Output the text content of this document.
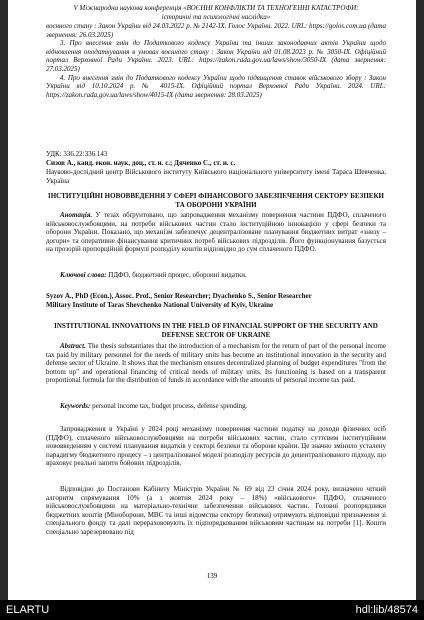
V Міжнародна наукова конференція «ВОЄННІ КОНФЛІКТИ ТА ТЕХНОГЕННІ КАТАСТРОФИ:
історичні та психологічні наслідки»
воєнного стану : Закон України від 24.03.2022 р. № 2142-IX. Голос України. 2022. URL: https://golos.com.ua (дата звернення: 26.03.2025)
3. Про внесення змін до Податкового кодексу України та інших законодавчих актів України щодо відновлення оподаткування в умовах воєнного стану : Закон України від 01.08.2023 р. № 3050-IX. Офіційний портал Верховної Ради України. 2023. URL: https://zakon.rada.gov.ua/laws/show/3050-IX (дата звернення: 27.03.2025)
4. Про внесення змін до Податкового кодексу України щодо підвищення ставок військового збору : Закон України від 10.10.2024 р. № 4015-IX. Офіційний портал Верховної Ради України. 2024. URL: https://zakon.rada.gov.ua/laws/show/4015-IX (дата звернення: 28.03.2025)
УДК: 336.22:336.143
Сизов А., канд. екон. наук, доц., ст. н. с.; Дяченко С., ст. н. с.
Науково-дослідний центр Військового інституту Київського національного університету імені Тараса Шевченка, Україна
ІНСТИТУЦІЙНІ НОВОВВЕДЕННЯ У СФЕРІ ФІНАНСОВОГО ЗАБЕЗПЕЧЕННЯ СЕКТОРУ БЕЗПЕКИ ТА ОБОРОНИ УКРАЇНИ
Анотація. У тезах обґрунтовано, що запровадження механізму повернення частини ПДФО, сплаченого військовослужбовцями, на потреби військових частин стало інституційною інновацією у сфері безпеки та оборони України. Показано, що механізм забезпечує децентралізоване планування бюджетних витрат «знизу – догори» та оперативне фінансування критичних потреб військових підрозділів. Його функціонування базується на прозорій пропорційній формулі розподілу коштів відповідно до сум сплаченого ПДФО.
Ключові слова: ПДФО, бюджетний процес, оборонні видатки.
Syzov A., PhD (Econ.), Assoc. Prof., Senior Researcher; Dyachenko S., Senior Researcher
Military Institute of Taras Shevchenko National University of Kyiv, Ukraine
INSTITUTIONAL INNOVATIONS IN THE FIELD OF FINANCIAL SUPPORT OF THE SECURITY AND DEFENSE SECTOR OF UKRAINE
Abstract. The thesis substantiates that the introduction of a mechanism for the return of part of the personal income tax paid by military personnel for the needs of military units has become an institutional innovation in the security and defense sector of Ukraine. It shows that the mechanism ensures decentralized planning of budget expenditures "from the bottom up" and operational financing of critical needs of military units. Its functioning is based on a transparent proportional formula for the distribution of funds in accordance with the amounts of personal income tax paid.
Keywords: personal income tax, budget process, defense spending.
Запровадження в Україні у 2024 році механізму повернення частини податку на доходи фізичних осіб (ПДФО), сплаченого військовослужбовцями на потреби військових частин, стало суттєвим інституційним нововведенням у системі планування видатків у секторі безпеки та оборони країни. Це значно змінило усталену парадигму бюджетного процесу – з централізованої моделі розподілу ресурсів до децентралізованого підходу, що враховує реальні запити бойових підрозділів.
Відповідно до Постанови Кабінету Міністрів України № 69 від 23 січня 2024 року, визначено чіткий алгоритм спрямування 10% (а з жовтня 2024 року – 18%) «військового» ПДФО, сплаченого військовослужбовцями на матеріально-технічне забезпечення військових частин. Головні розпорядники бюджетних коштів (Міноборони, МВС та інші відомства сектору безпеки) отримують відповідні призначення зі спеціального фонду та далі перерахововують їх підпорядкованим військовим частинам на потреби [1]. Кошти спеціально зарезервовано під
139
ELARTU	hdl:lib/48574
